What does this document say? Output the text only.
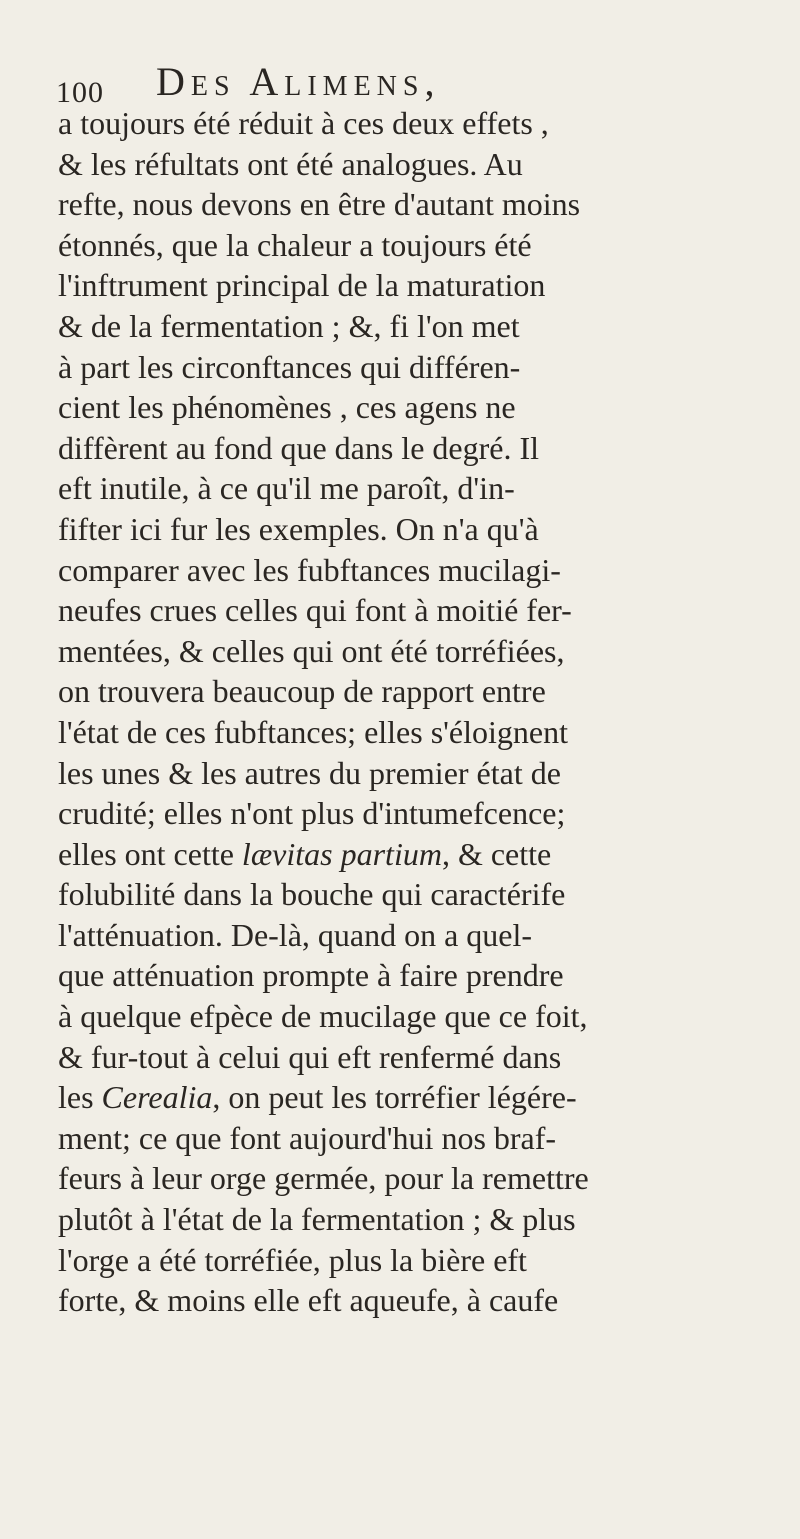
100 Des Alimens,
a toujours été réduit à ces deux effets ,
& les réfultats ont été analogues. Au
refte, nous devons en être d'autant moins
étonnés, que la chaleur a toujours été
l'inftrument principal de la maturation
& de la fermentation ; &, fi l'on met
à part les circonftances qui différen-
cient les phénomènes , ces agens ne
diffèrent au fond que dans le degré. Il
eft inutile, à ce qu'il me paroît, d'in-
fifter ici fur les exemples. On n'a qu'à
comparer avec les fubftances mucilagi-
neufes crues celles qui font à moitié fer-
mentées, & celles qui ont été torréfiées,
on trouvera beaucoup de rapport entre
l'état de ces fubftances; elles s'éloignent
les unes & les autres du premier état de
crudité; elles n'ont plus d'intumefcence;
elles ont cette lævitas partium, & cette
folubilité dans la bouche qui caractérife
l'atténuation. De-là, quand on a quel-
que atténuation prompte à faire prendre
à quelque efpèce de mucilage que ce foit,
& fur-tout à celui qui eft renfermé dans
les Cerealia, on peut les torréfier légére-
ment; ce que font aujourd'hui nos braf-
feurs à leur orge germée, pour la remettre
plutôt à l'état de la fermentation ; & plus
l'orge a été torréfiée, plus la bière eft
forte, & moins elle eft aqueufe, à caufe
